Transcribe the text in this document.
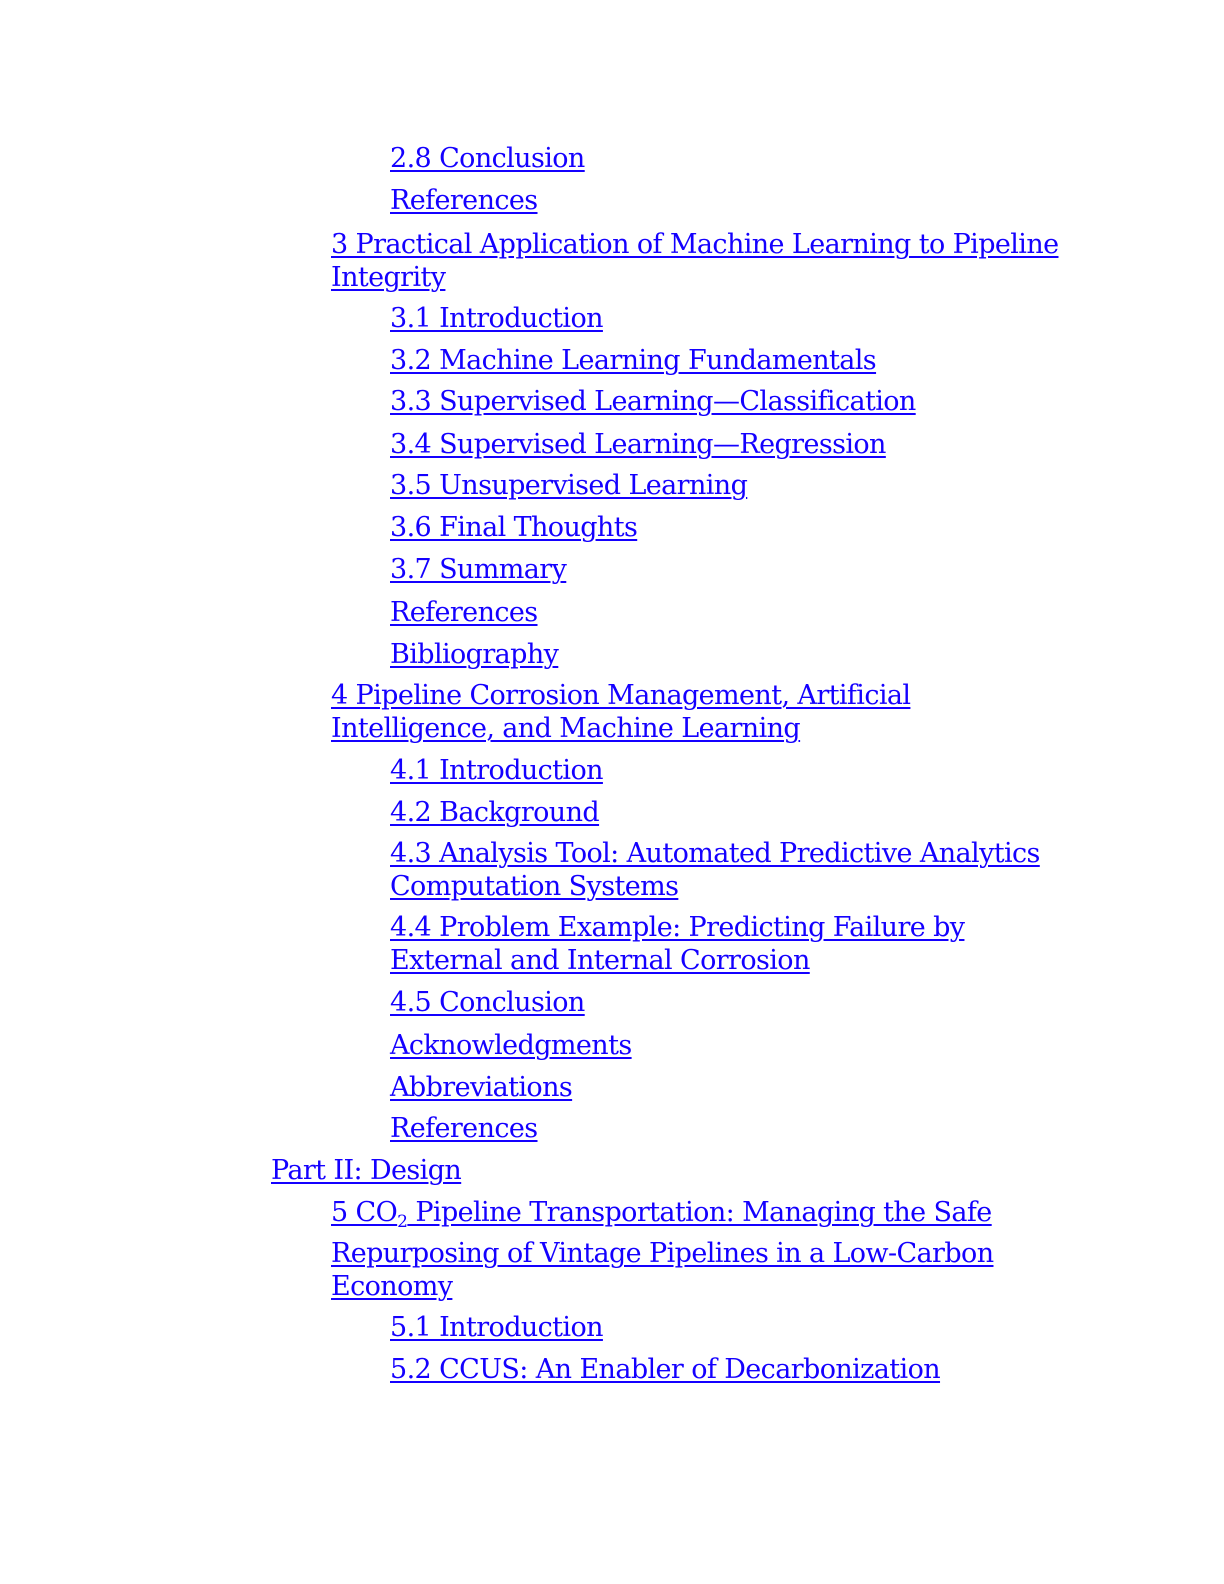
2.8 Conclusion
References
3 Practical Application of Machine Learning to Pipeline
Integrity
3.1 Introduction
3.2 Machine Learning Fundamentals
3.3 Supervised Learning—Classification
3.4 Supervised Learning—Regression
3.5 Unsupervised Learning
3.6 Final Thoughts
3.7 Summary
References
Bibliography
4 Pipeline Corrosion Management, Artificial
Intelligence, and Machine Learning
4.1 Introduction
4.2 Background
4.3 Analysis Tool: Automated Predictive Analytics
Computation Systems
4.4 Problem Example: Predicting Failure by
External and Internal Corrosion
4.5 Conclusion
Acknowledgments
Abbreviations
References
Part II: Design
5 $CO_2$ Pipeline Transportation: Managing the Safe
Repurposing of Vintage Pipelines in a Low-Carbon
Economy
5.1 Introduction
5.2 CCUS: An Enabler of Decarbonization
